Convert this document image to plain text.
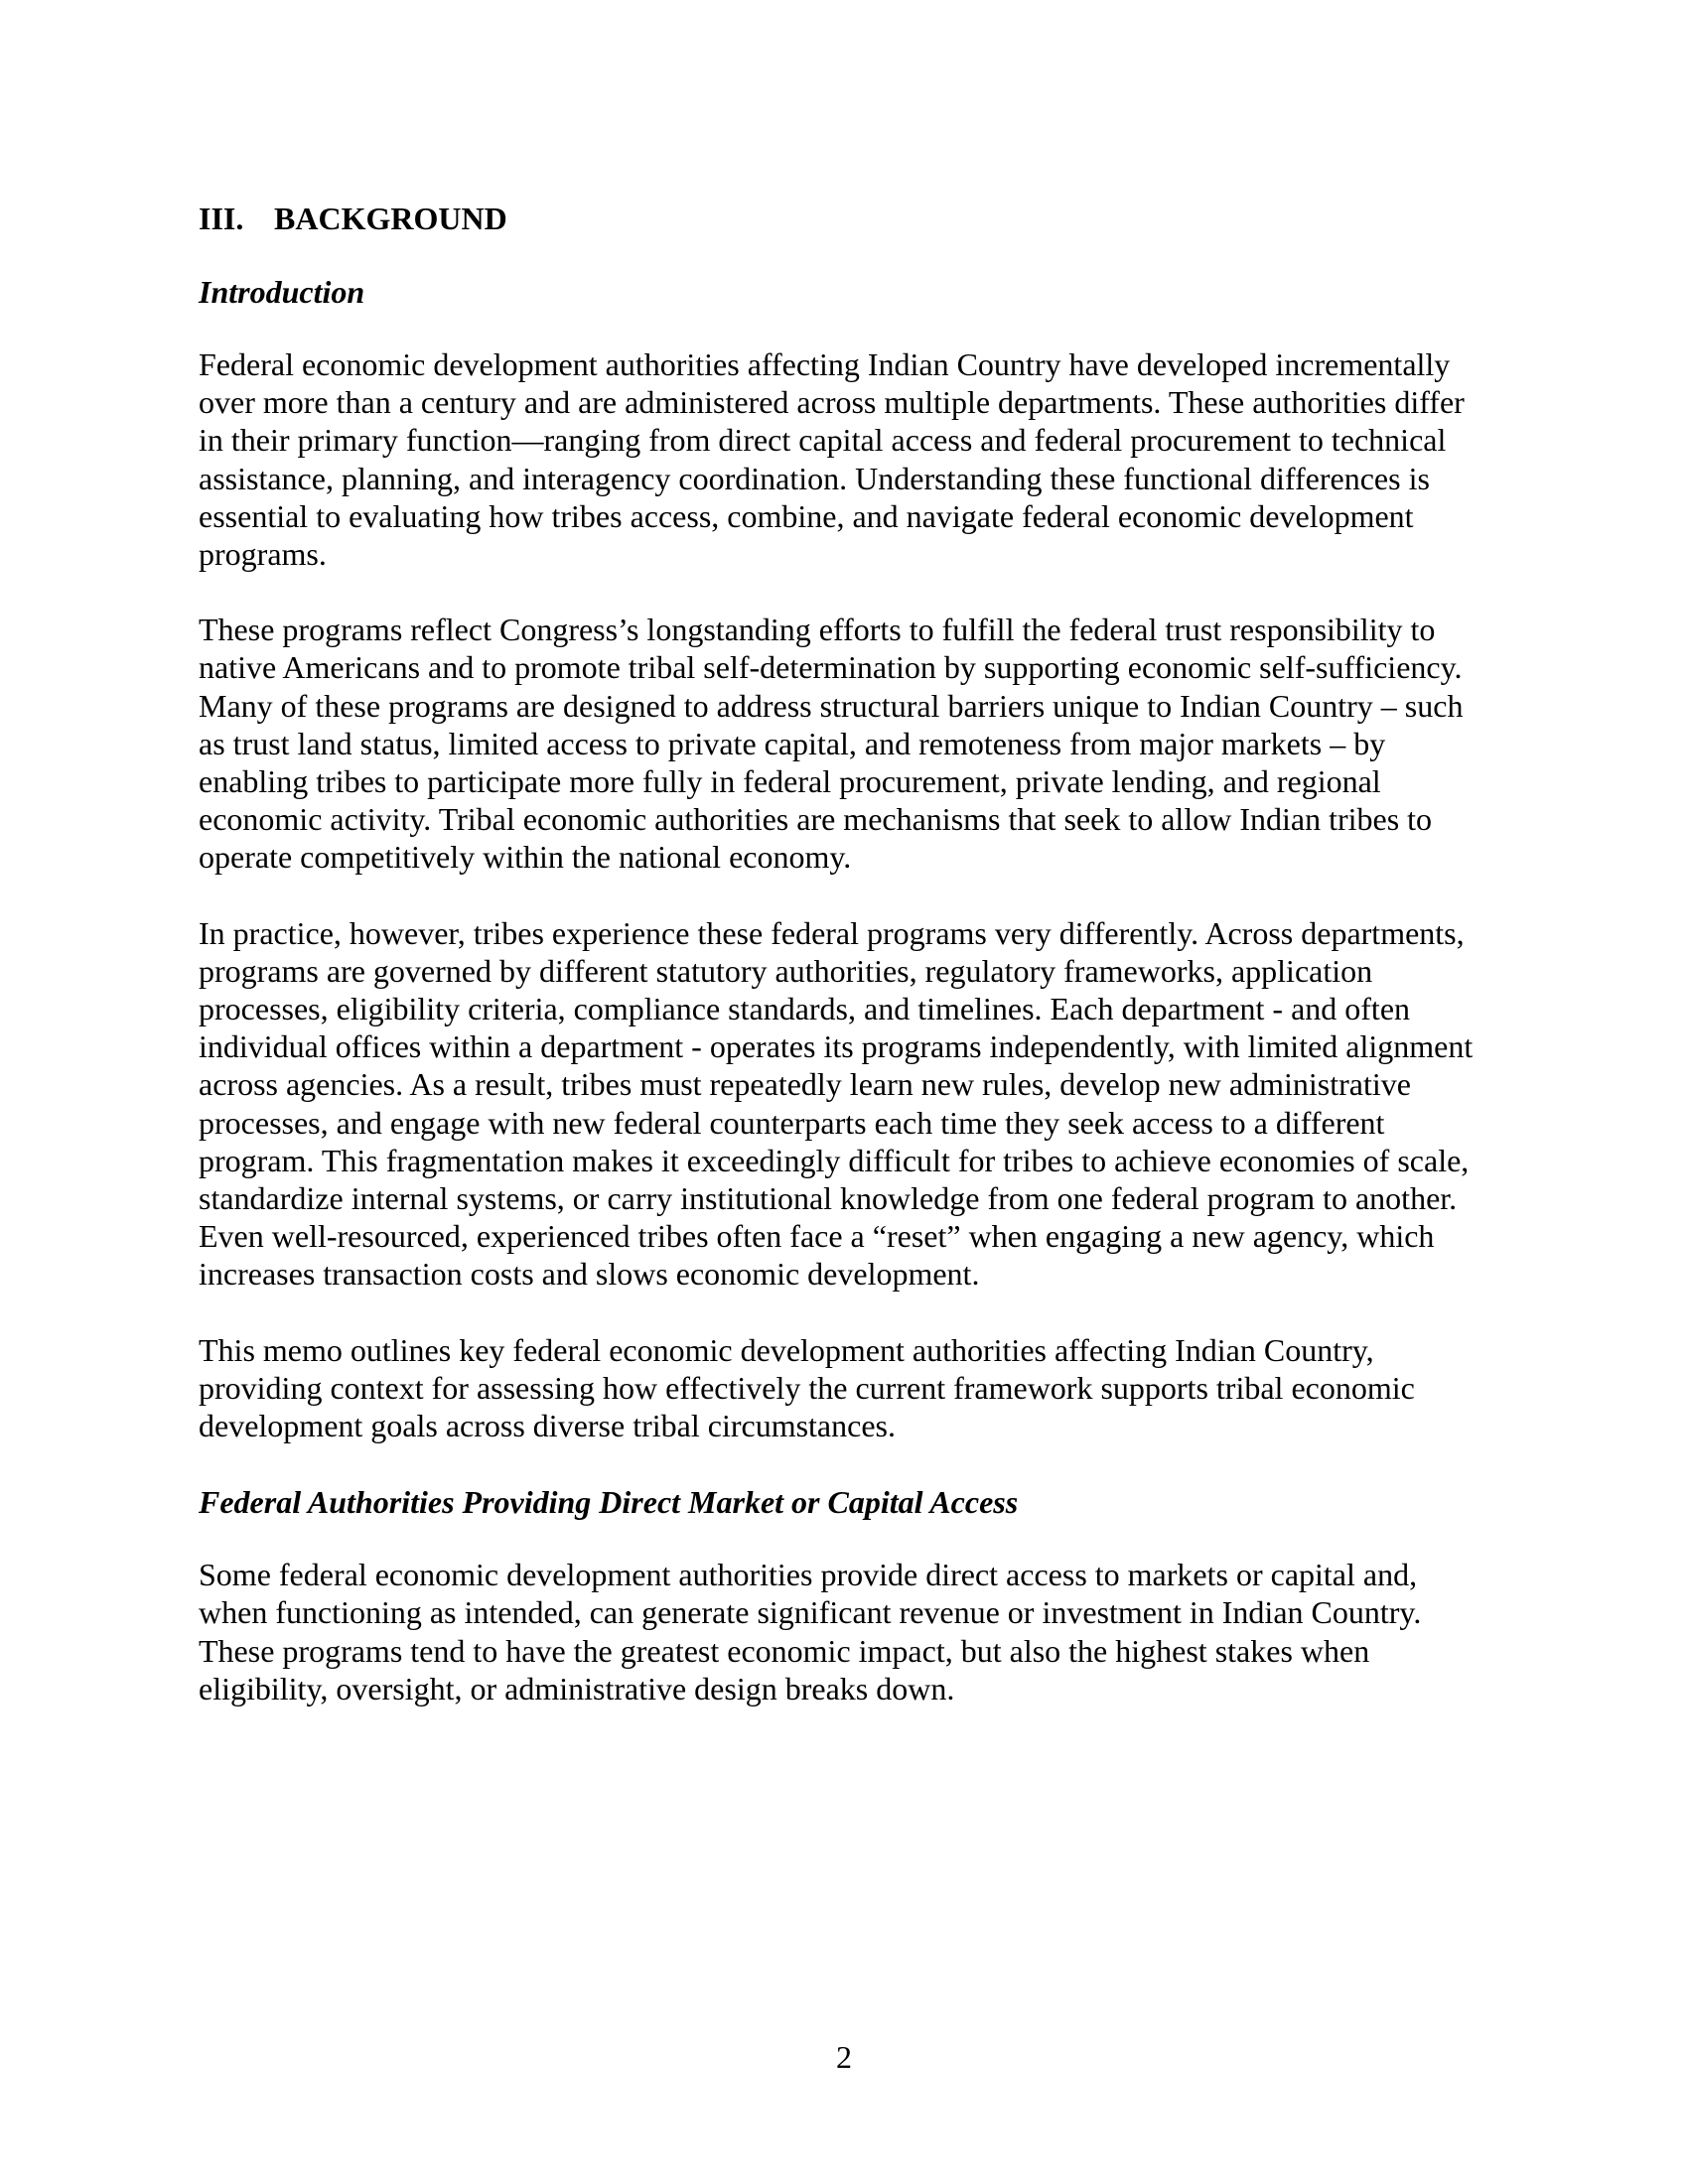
III. BACKGROUND
Introduction

Federal economic development authorities affecting Indian Country have developed incrementally over more than a century and are administered across multiple departments. These authorities differ in their primary function—ranging from direct capital access and federal procurement to technical assistance, planning, and interagency coordination. Understanding these functional differences is essential to evaluating how tribes access, combine, and navigate federal economic development programs.

These programs reflect Congress’s longstanding efforts to fulfill the federal trust responsibility to native Americans and to promote tribal self-determination by supporting economic self-sufficiency. Many of these programs are designed to address structural barriers unique to Indian Country – such as trust land status, limited access to private capital, and remoteness from major markets – by enabling tribes to participate more fully in federal procurement, private lending, and regional economic activity. Tribal economic authorities are mechanisms that seek to allow Indian tribes to operate competitively within the national economy.

In practice, however, tribes experience these federal programs very differently. Across departments, programs are governed by different statutory authorities, regulatory frameworks, application processes, eligibility criteria, compliance standards, and timelines. Each department - and often individual offices within a department - operates its programs independently, with limited alignment across agencies. As a result, tribes must repeatedly learn new rules, develop new administrative processes, and engage with new federal counterparts each time they seek access to a different program. This fragmentation makes it exceedingly difficult for tribes to achieve economies of scale, standardize internal systems, or carry institutional knowledge from one federal program to another. Even well-resourced, experienced tribes often face a “reset” when engaging a new agency, which increases transaction costs and slows economic development.

This memo outlines key federal economic development authorities affecting Indian Country, providing context for assessing how effectively the current framework supports tribal economic development goals across diverse tribal circumstances.

Federal Authorities Providing Direct Market or Capital Access

Some federal economic development authorities provide direct access to markets or capital and, when functioning as intended, can generate significant revenue or investment in Indian Country. These programs tend to have the greatest economic impact, but also the highest stakes when eligibility, oversight, or administrative design breaks down.

2
